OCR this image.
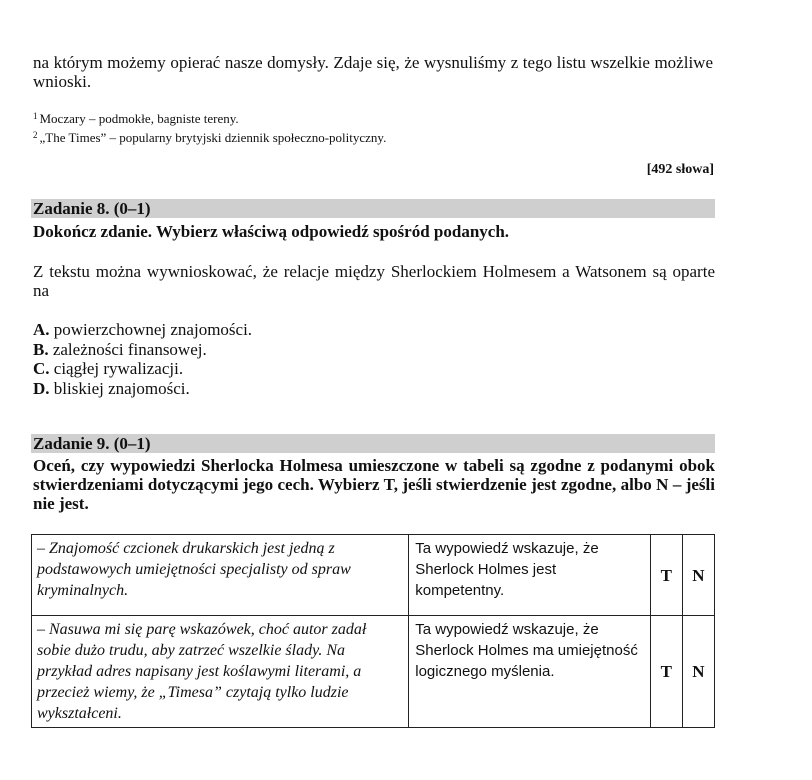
na którym możemy opierać nasze domysły. Zdaje się, że wysnuliśmy z tego listu wszelkie możliwe wnioski.
$^1$ Moczary – podmokłe, bagniste tereny.
$^2$ „The Times” – popularny brytyjski dziennik społeczno-polityczny.
[492 słowa]
Zadanie 8. (0–1)
Dokończ zdanie. Wybierz właściwą odpowiedź spośród podanych.
Z tekstu można wywnioskować, że relacje między Sherlockiem Holmesem a Watsonem są oparte na
A. powierzchownej znajomości.
B. zależności finansowej.
C. ciągłej rywalizacji.
D. bliskiej znajomości.
Zadanie 9. (0–1)
Oceń, czy wypowiedzi Sherlocka Holmesa umieszczone w tabeli są zgodne z podanymi obok stwierdzeniami dotyczącymi jego cech. Wybierz T, jeśli stwierdzenie jest zgodne, albo N – jeśli nie jest.
– Znajomość czcionek drukarskich jest jedną z podstawowych umiejętności specjalisty od spraw kryminalnych.	Ta wypowiedź wskazuje, że Sherlock Holmes jest kompetentny.	T	N
– Nasuwa mi się parę wskazówek, choć autor zadał sobie dużo trudu, aby zatrzeć wszelkie ślady. Na przykład adres napisany jest koślawymi literami, a przecież wiemy, że „Timesa” czytają tylko ludzie wykształceni.	Ta wypowiedź wskazuje, że Sherlock Holmes ma umiejętność logicznego myślenia.	T	N
